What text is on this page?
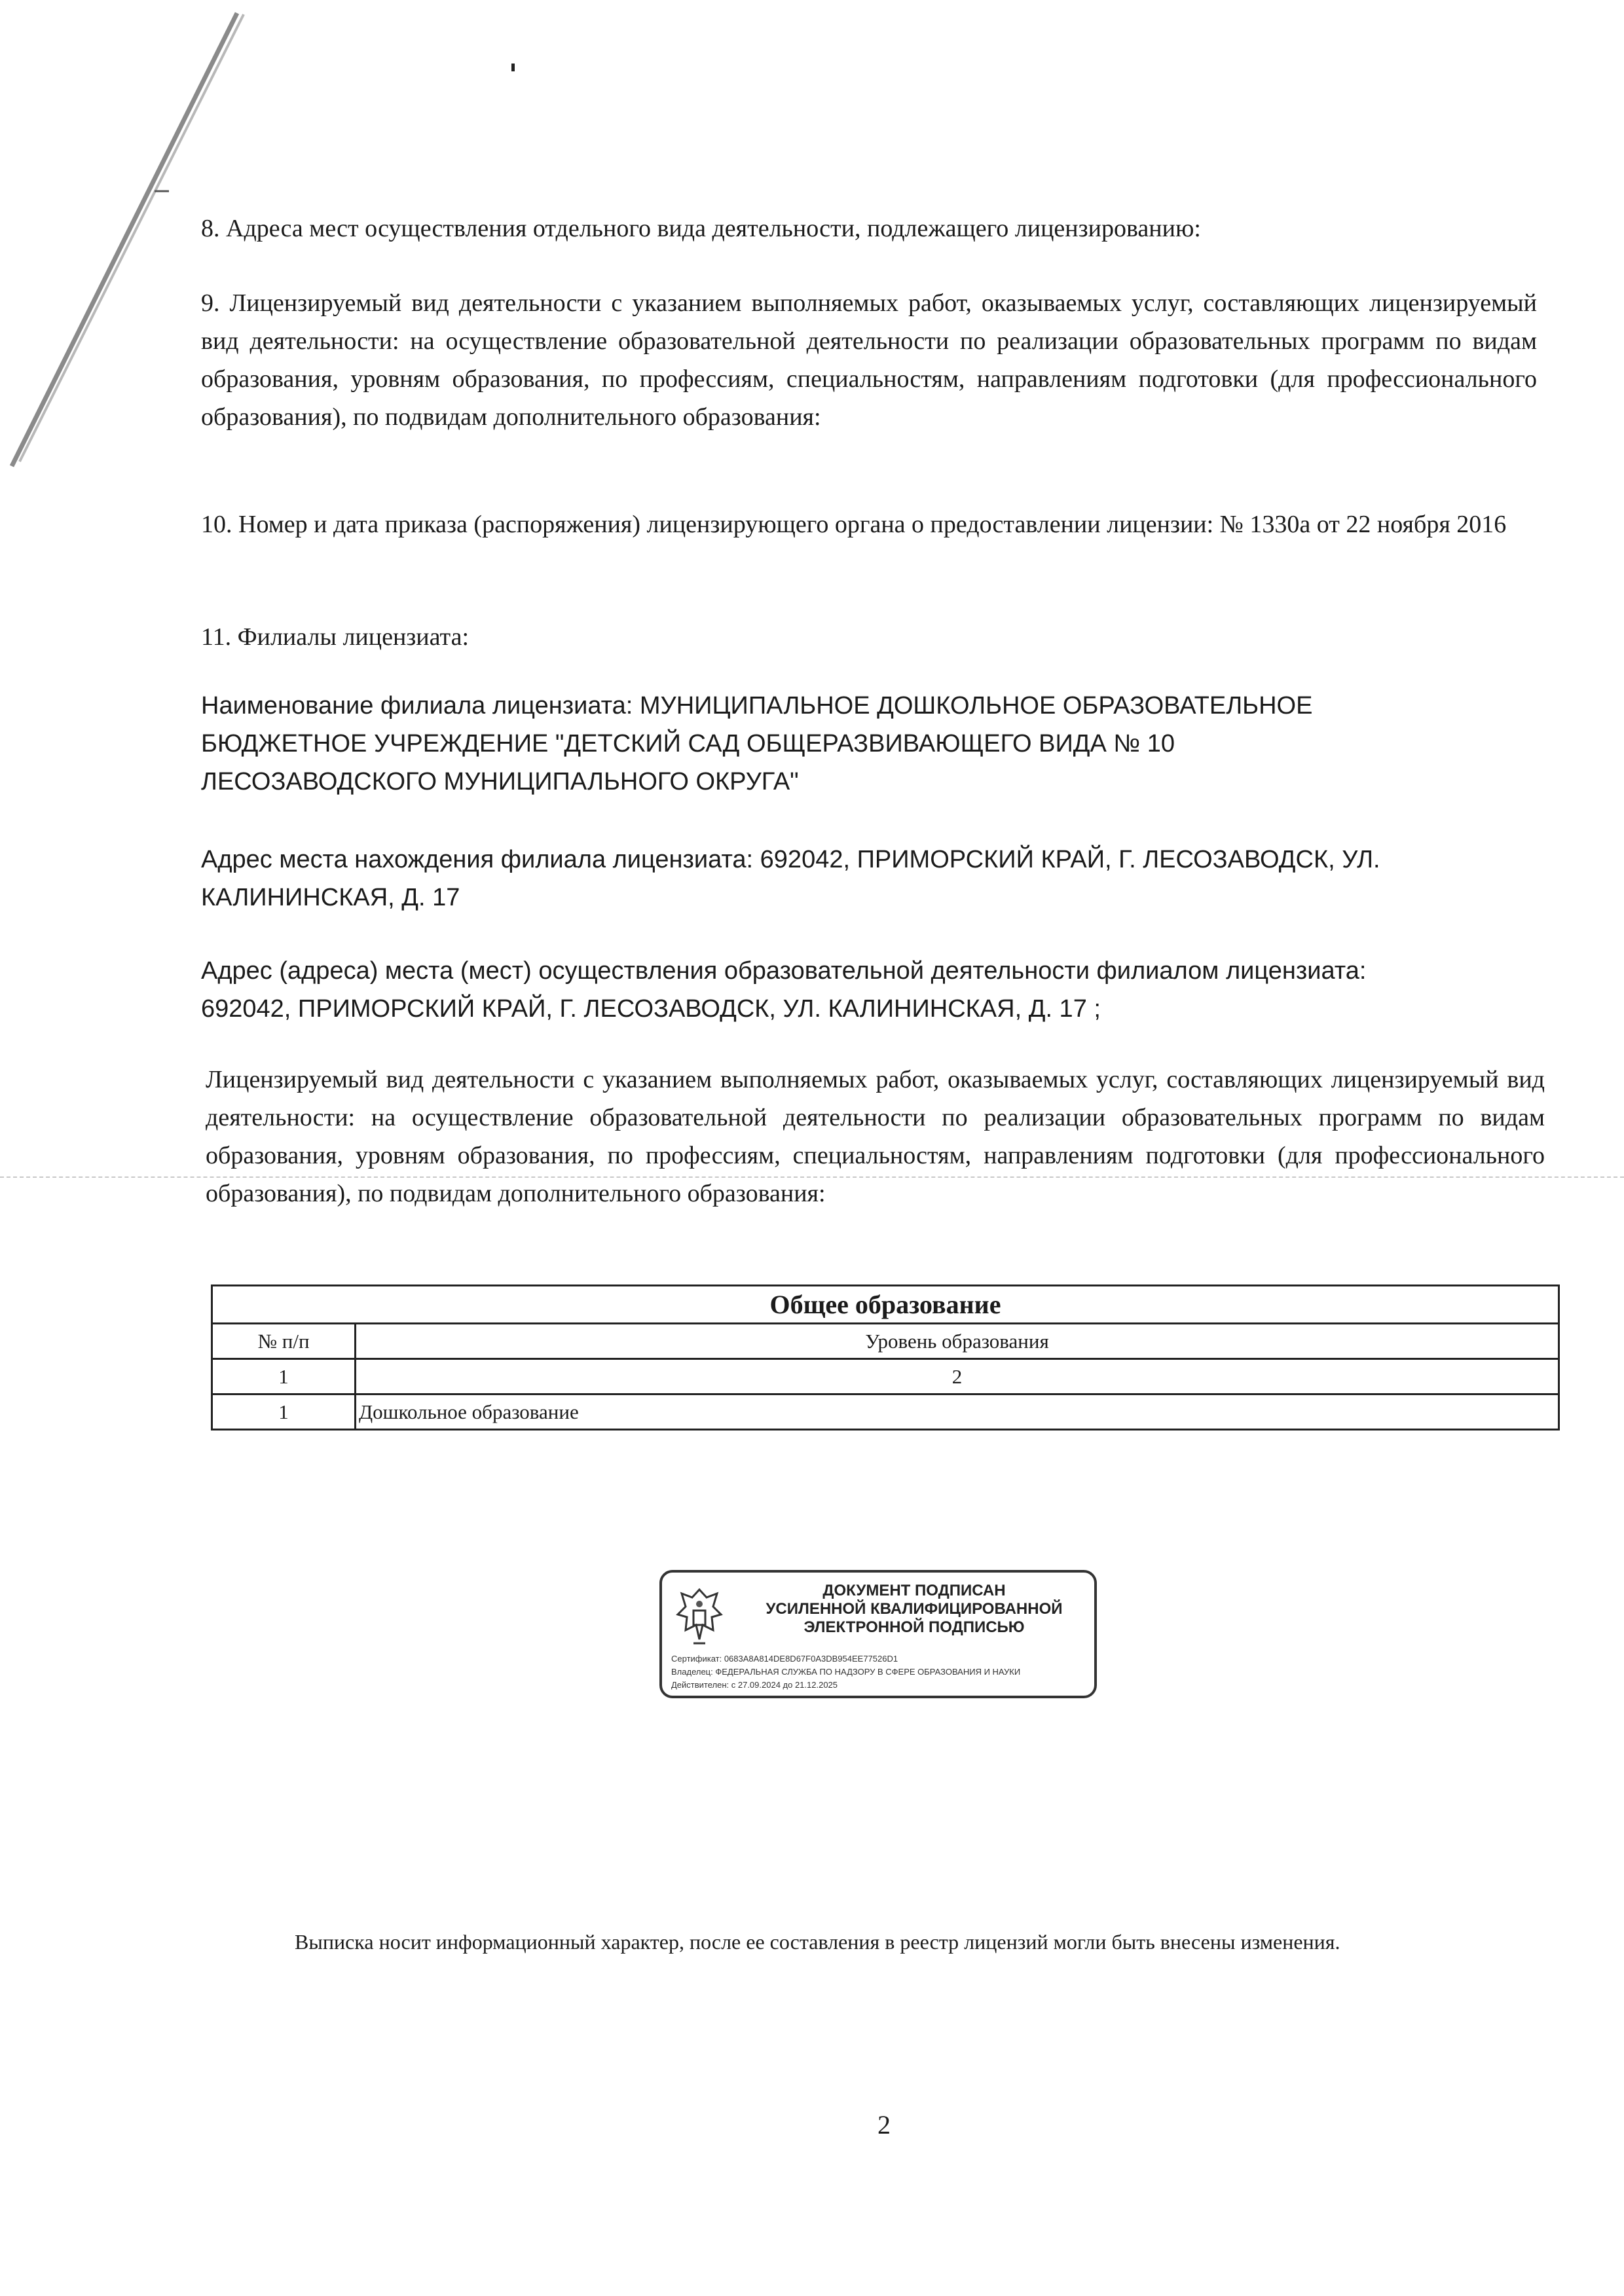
8. Адреса мест осуществления отдельного вида деятельности, подлежащего лицензированию:
9. Лицензируемый вид деятельности с указанием выполняемых работ, оказываемых услуг, составляющих лицензируемый вид деятельности: на осуществление образовательной деятельности по реализации образовательных программ по видам образования, уровням образования, по профессиям, специальностям, направлениям подготовки (для профессионального образования), по подвидам дополнительного образования:
10. Номер и дата приказа (распоряжения) лицензирующего органа о предоставлении лицензии: № 1330а от 22 ноября 2016
11. Филиалы лицензиата:
Наименование филиала лицензиата: МУНИЦИПАЛЬНОЕ ДОШКОЛЬНОЕ ОБРАЗОВАТЕЛЬНОЕ
БЮДЖЕТНОЕ УЧРЕЖДЕНИЕ "ДЕТСКИЙ САД ОБЩЕРАЗВИВАЮЩЕГО ВИДА № 10
ЛЕСОЗАВОДСКОГО МУНИЦИПАЛЬНОГО ОКРУГА"
Адрес места нахождения филиала лицензиата: 692042, ПРИМОРСКИЙ КРАЙ, Г. ЛЕСОЗАВОДСК, УЛ.
КАЛИНИНСКАЯ, Д. 17
Адрес (адреса) места (мест) осуществления образовательной деятельности филиалом лицензиата:
692042, ПРИМОРСКИЙ КРАЙ, Г. ЛЕСОЗАВОДСК, УЛ. КАЛИНИНСКАЯ, Д. 17 ;
Лицензируемый вид деятельности с указанием выполняемых работ, оказываемых услуг, составляющих лицензируемый вид деятельности: на осуществление образовательной деятельности по реализации образовательных программ по видам образования, уровням образования, по профессиям, специальностям, направлениям подготовки (для профессионального образования), по подвидам дополнительного образования:
Общее образование	
№ п/п	Уровень образования
1	2
1	Дошкольное образование
ДОКУМЕНТ ПОДПИСАН
УСИЛЕННОЙ КВАЛИФИЦИРОВАННОЙ
ЭЛЕКТРОННОЙ ПОДПИСЬЮ
Сертификат: 0683A8A814DE8D67F0A3DB954EE77526D1
Владелец: ФЕДЕРАЛЬНАЯ СЛУЖБА ПО НАДЗОРУ В СФЕРЕ ОБРАЗОВАНИЯ И НАУКИ
Действителен: с 27.09.2024 до 21.12.2025
Выписка носит информационный характер, после ее составления в реестр лицензий могли быть внесены изменения.
2
